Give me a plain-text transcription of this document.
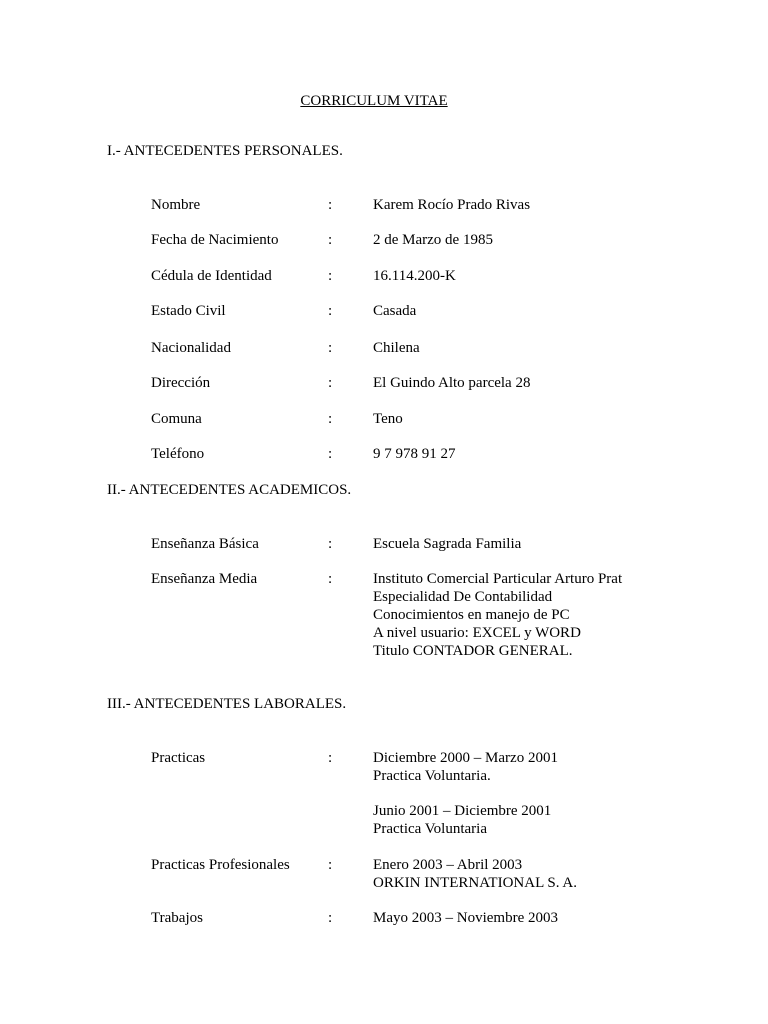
CORRICULUM VITAE
I.- ANTECEDENTES PERSONALES.
Nombre	:	Karem Rocío Prado Rivas
Fecha de Nacimiento	:	2 de Marzo de 1985
Cédula de Identidad	:	16.114.200-K
Estado Civil	:	Casada
Nacionalidad	:	Chilena
Dirección	:	El Guindo Alto parcela 28
Comuna	:	Teno
Teléfono	:	9 7 978 91 27
II.- ANTECEDENTES ACADEMICOS.
Enseñanza Básica	:	Escuela Sagrada Familia
Enseñanza Media	:	Instituto Comercial Particular Arturo Prat
Especialidad De Contabilidad
Conocimientos en manejo de PC
A nivel usuario: EXCEL y WORD
Titulo CONTADOR GENERAL.
III.- ANTECEDENTES LABORALES.
Practicas	:	Diciembre 2000 – Marzo 2001
Practica Voluntaria.
Junio 2001 – Diciembre 2001
Practica Voluntaria
Practicas Profesionales	:	Enero 2003 – Abril 2003
ORKIN INTERNATIONAL S. A.
Trabajos	:	Mayo 2003 – Noviembre 2003
